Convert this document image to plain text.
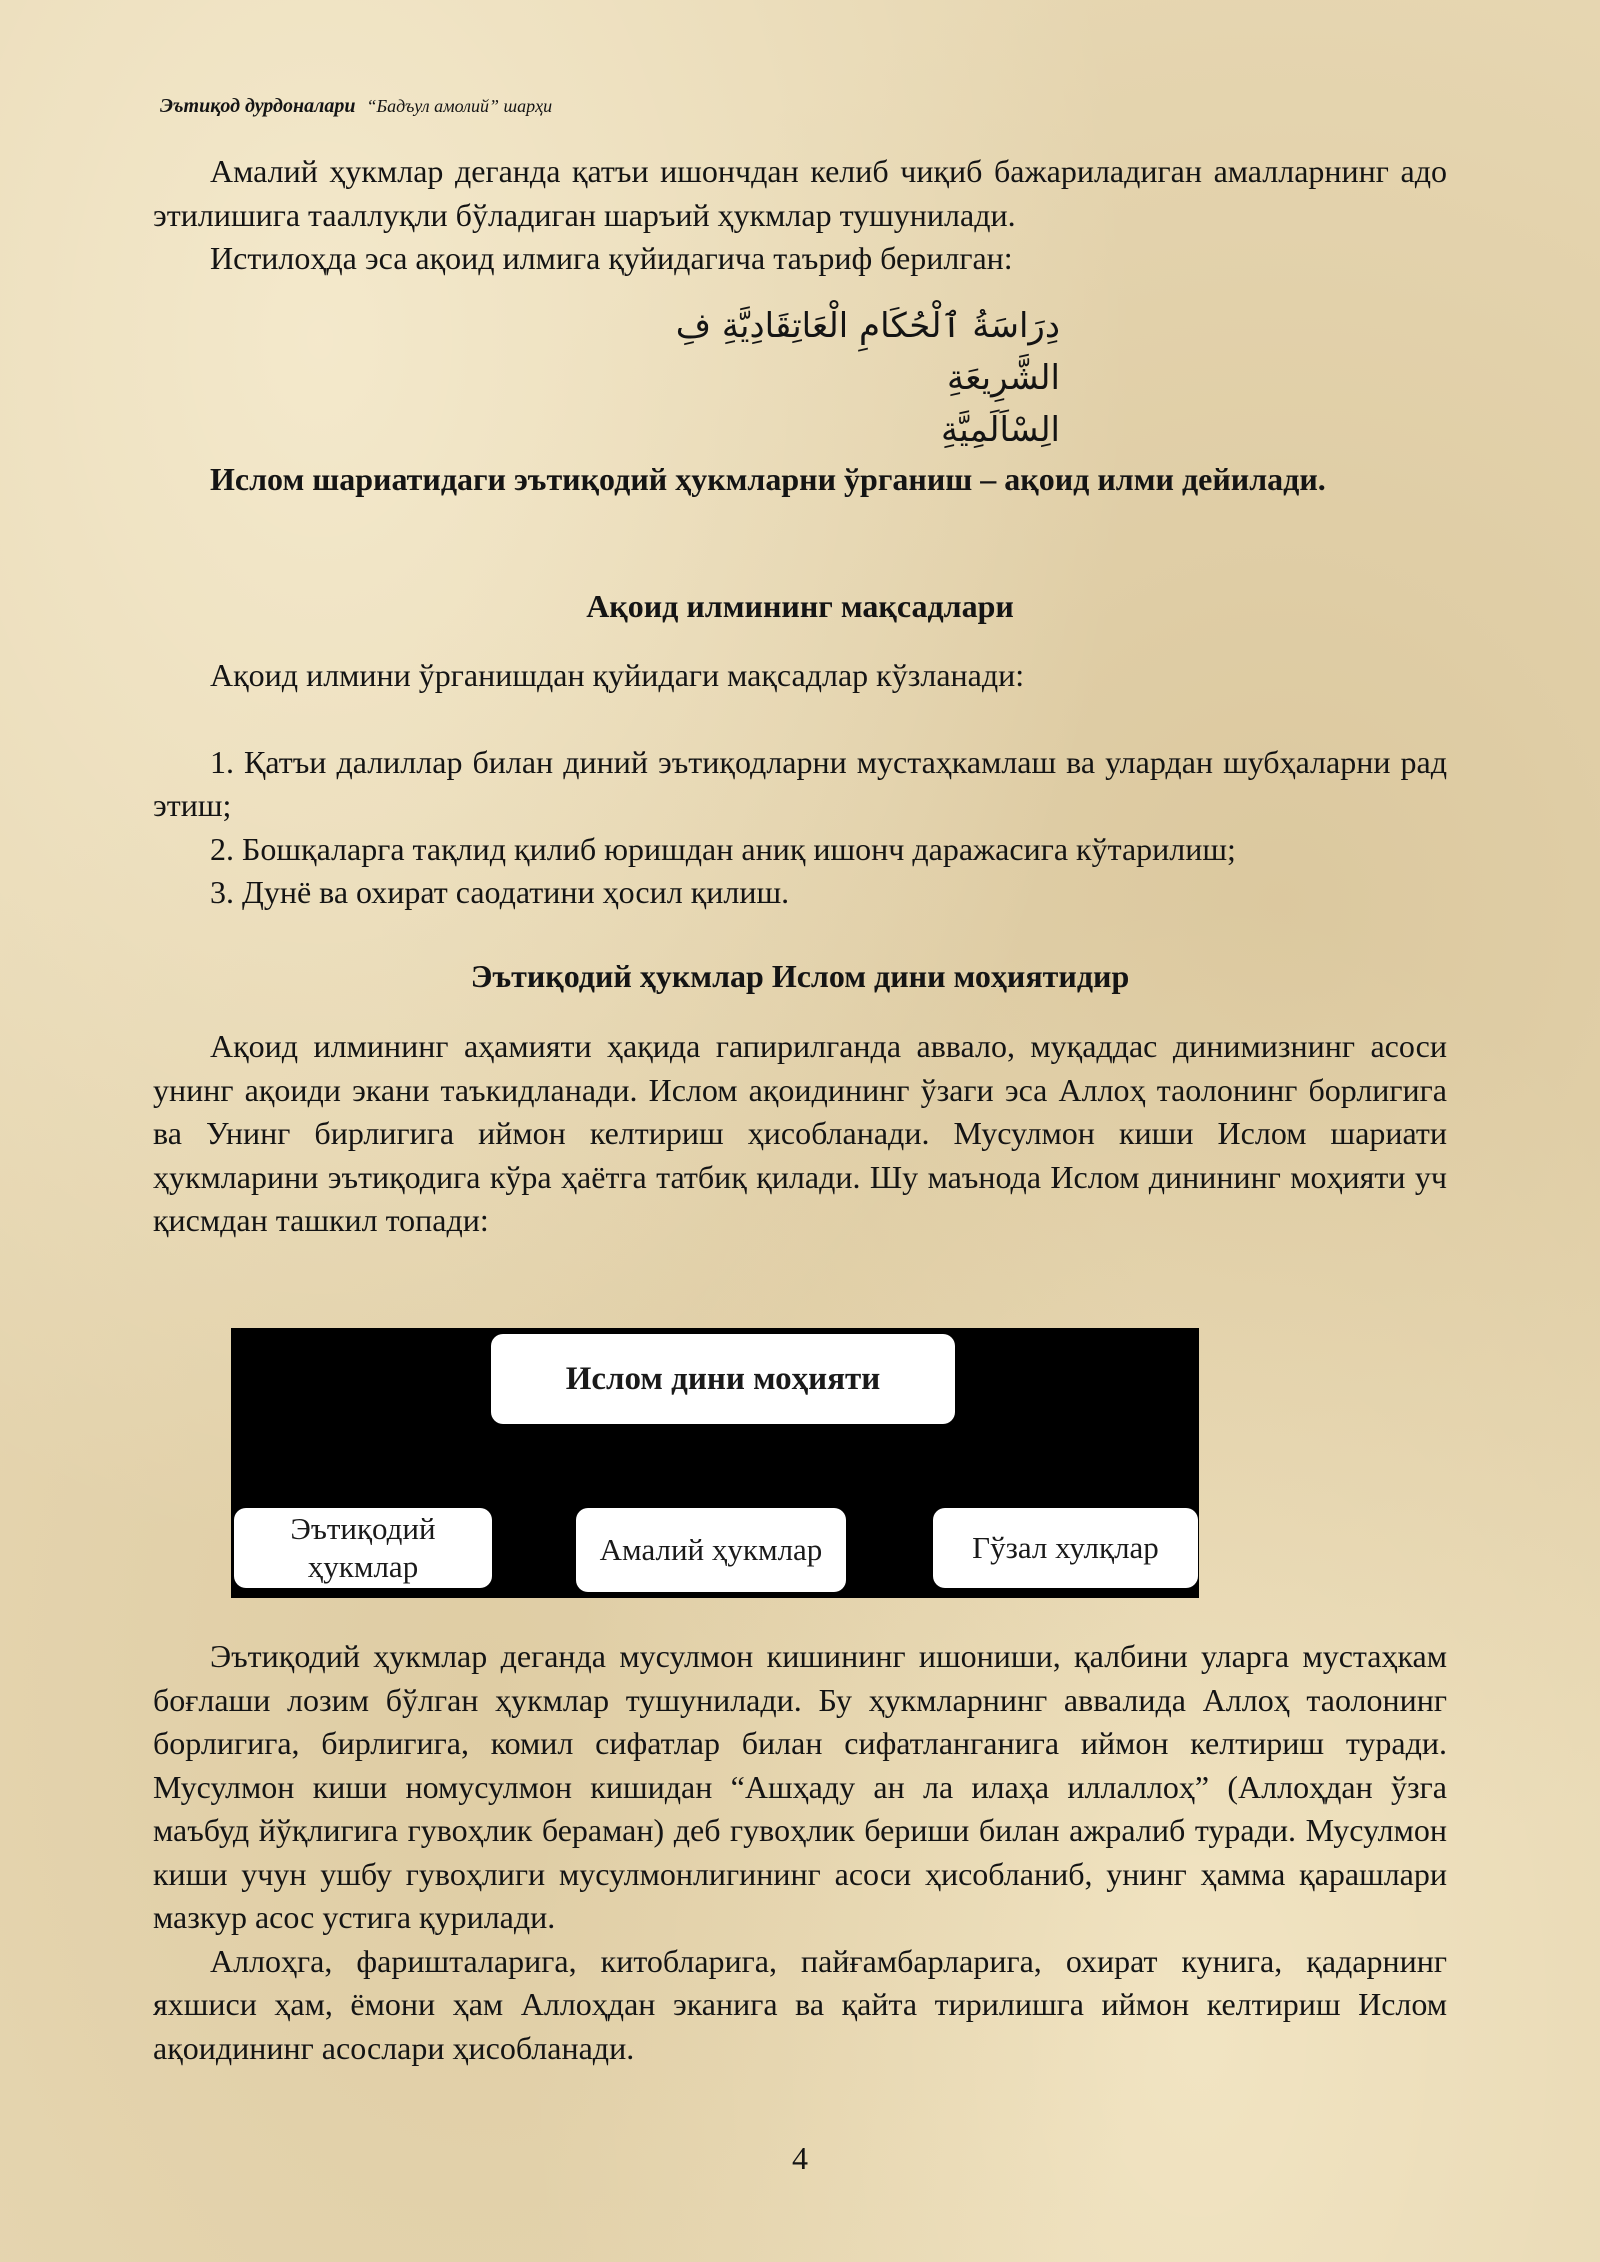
Эътиқод дурдоналари “Бадъул амолий” шарҳи

Амалий ҳукмлар деганда қатъи ишончдан келиб чиқиб бажариладиган амалларнинг адо этилишига тааллуқли бўладиган шаръий ҳукмлар тушунилади.

Истилоҳда эса ақоид илмига қуйидагича таъриф берилган:

دِرَاسَةُ ٱلْحُكَامِ الْعَاتِقَادِيَّةِ فِ الشَّرِيعَةِ
الِسْاَلَمِيَّةِ

Ислом шариатидаги эътиқодий ҳукмларни ўрганиш – ақоид илми дейилади.

Ақоид илмининг мақсадлари

Ақоид илмини ўрганишдан қуйидаги мақсадлар кўзланади:

1. Қатъи далиллар билан диний эътиқодларни мустаҳкамлаш ва улардан шубҳаларни рад этиш;

2. Бошқаларга тақлид қилиб юришдан аниқ ишонч даражасига кўтарилиш;

3. Дунё ва охират саодатини ҳосил қилиш.

Эътиқодий ҳукмлар Ислом дини моҳиятидир

Ақоид илмининг аҳамияти ҳақида гапирилганда аввало, муқаддас динимизнинг асоси унинг ақоиди экани таъкидланади. Ислом ақоидининг ўзаги эса Аллоҳ таолонинг борлигига ва Унинг бирлигига иймон келтириш ҳисобланади. Мусулмон киши Ислом шариати ҳукмларини эътиқодига кўра ҳаётга татбиқ қилади. Шу маънода Ислом динининг моҳияти уч қисмдан ташкил топади:

Ислом дини моҳияти
Эътиқодий ҳукмлар	Амалий ҳукмлар	Гўзал хулқлар

Эътиқодий ҳукмлар деганда мусулмон кишининг ишониши, қалбини уларга мустаҳкам боғлаши лозим бўлган ҳукмлар тушунилади. Бу ҳукмларнинг аввалида Аллоҳ таолонинг борлигига, бирлигига, комил сифатлар билан сифатланганига иймон келтириш туради. Мусулмон киши номусулмон кишидан “Ашҳаду ан ла илаҳа иллаллоҳ” (Аллоҳдан ўзга маъбуд йўқлигига гувоҳлик бераман) деб гувоҳлик бериши билан ажралиб туради. Мусулмон киши учун ушбу гувоҳлиги мусулмонлигининг асоси ҳисобланиб, унинг ҳамма қарашлари мазкур асос устига қурилади.

Аллоҳга, фаришталарига, китобларига, пайғамбарларига, охират кунига, қадарнинг яхшиси ҳам, ёмони ҳам Аллоҳдан эканига ва қайта тирилишга иймон келтириш Ислом ақоидининг асослари ҳисобланади.

4
